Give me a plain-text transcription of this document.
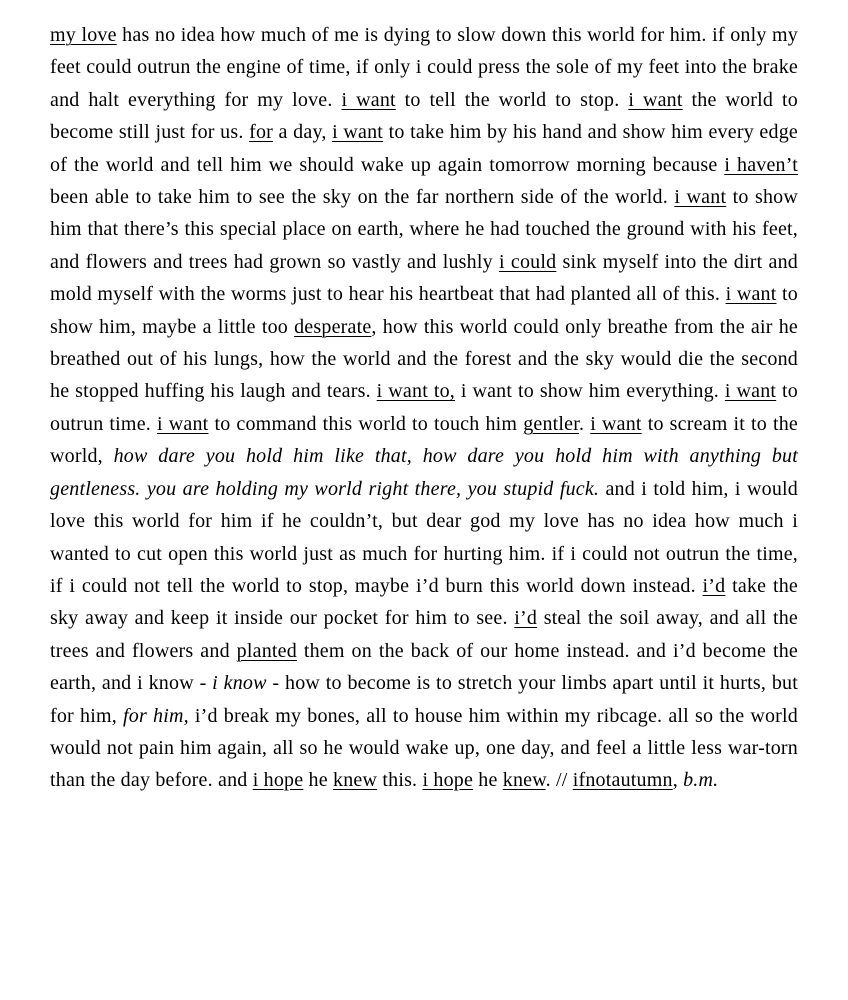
my love has no idea how much of me is dying to slow down this world for him. if only my feet could outrun the engine of time, if only i could press the sole of my feet into the brake and halt everything for my love. i want to tell the world to stop. i want the world to become still just for us. for a day, i want to take him by his hand and show him every edge of the world and tell him we should wake up again tomorrow morning because i haven’t been able to take him to see the sky on the far northern side of the world. i want to show him that there’s this special place on earth, where he had touched the ground with his feet, and flowers and trees had grown so vastly and lushly i could sink myself into the dirt and mold myself with the worms just to hear his heartbeat that had planted all of this. i want to show him, maybe a little too desperate, how this world could only breathe from the air he breathed out of his lungs, how the world and the forest and the sky would die the second he stopped huffing his laugh and tears. i want to, i want to show him everything. i want to outrun time. i want to command this world to touch him gentler. i want to scream it to the world, how dare you hold him like that, how dare you hold him with anything but gentleness. you are holding my world right there, you stupid fuck. and i told him, i would love this world for him if he couldn’t, but dear god my love has no idea how much i wanted to cut open this world just as much for hurting him. if i could not outrun the time, if i could not tell the world to stop, maybe i’d burn this world down instead. i’d take the sky away and keep it inside our pocket for him to see. i’d steal the soil away, and all the trees and flowers and planted them on the back of our home instead. and i’d become the earth, and i know - i know - how to become is to stretch your limbs apart until it hurts, but for him, for him, i’d break my bones, all to house him within my ribcage. all so the world would not pain him again, all so he would wake up, one day, and feel a little less war-torn than the day before. and i hope he knew this. i hope he knew. // ifnotautumn, b.m.
